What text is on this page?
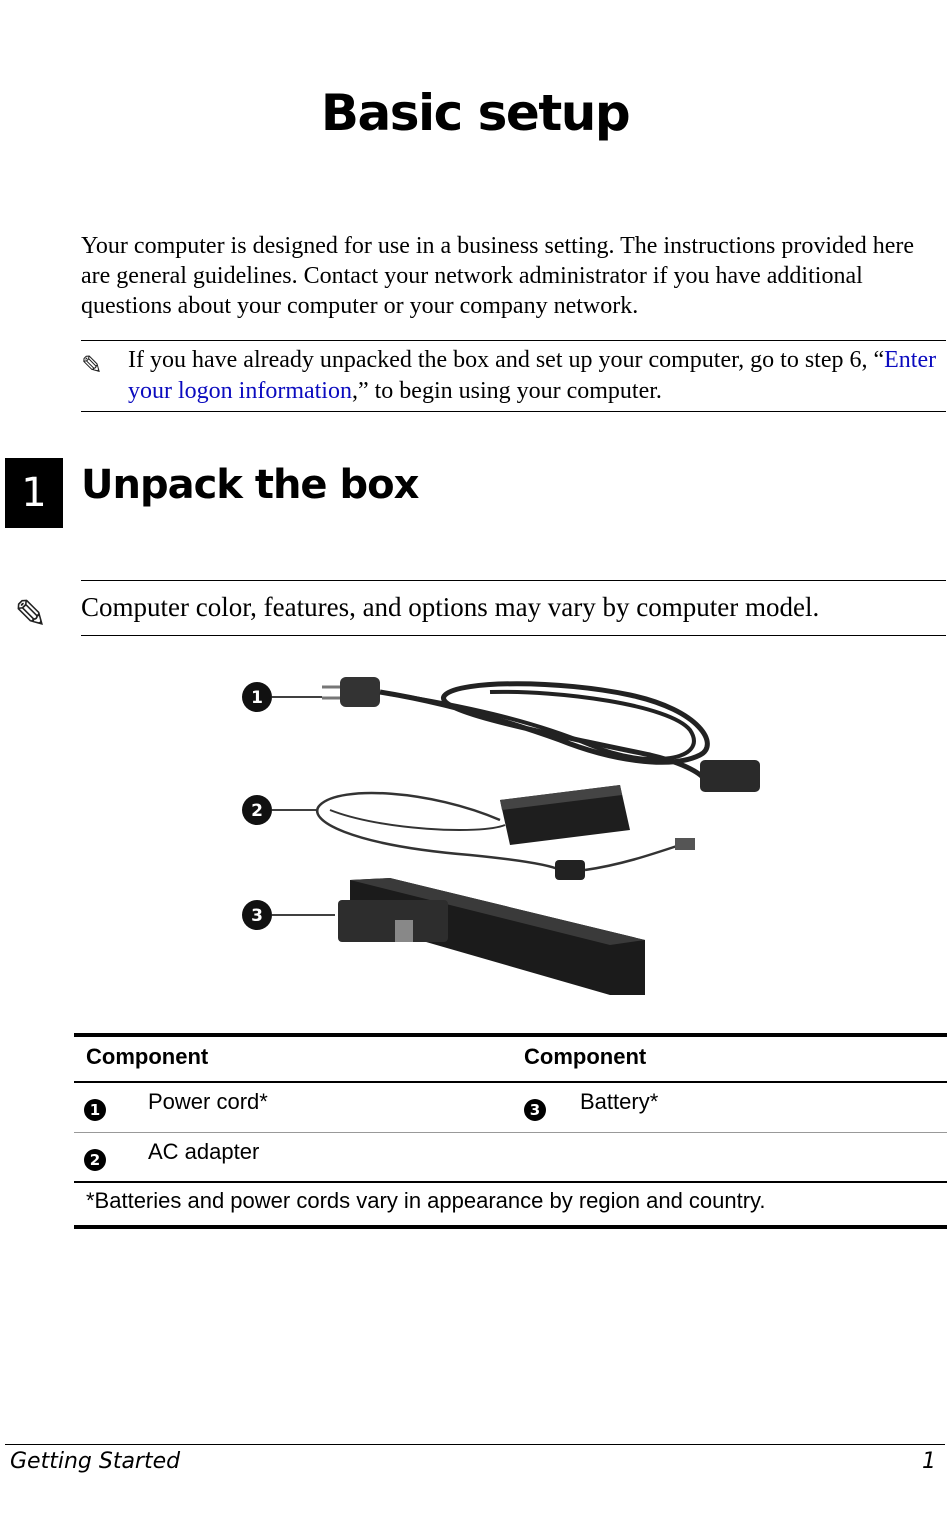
Basic setup

Your computer is designed for use in a business setting. The instructions provided here are general guidelines. Contact your network administrator if you have additional questions about your computer or your company network.

✎ If you have already unpacked the box and set up your computer, go to step 6, “Enter your logon information,” to begin using your computer.
1 Unpack the box
✎ Computer color, features, and options may vary by computer model.
1
2
3
Component	Component
1 Power cord*	3 Battery*
2 AC adapter
*Batteries and power cords vary in appearance by region and country.
Getting Started	1
